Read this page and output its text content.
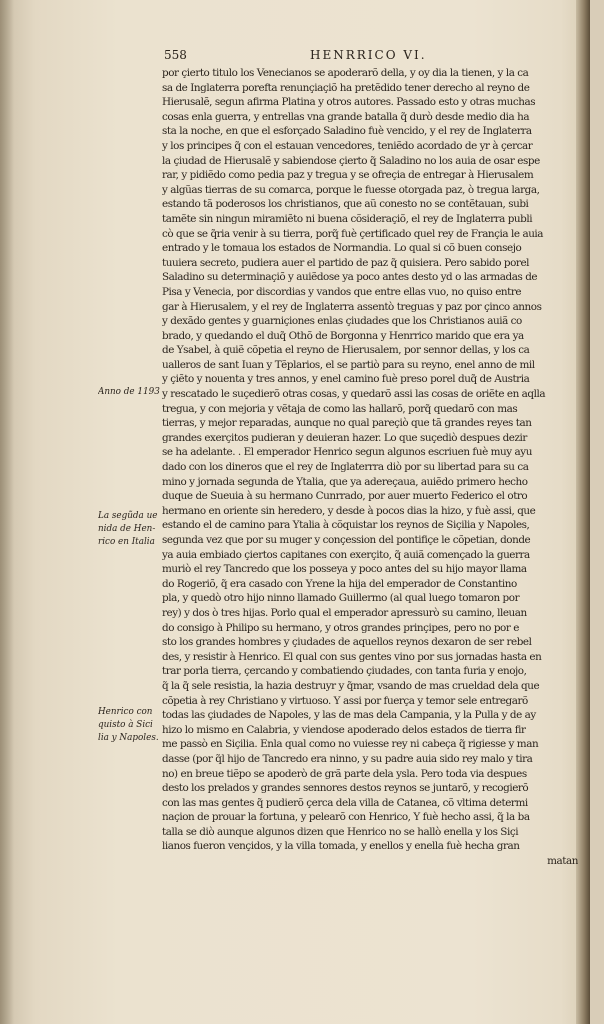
558	HENRRICO VI.
Anno de 1193
La segũda ue
nida de Hen-
rico en Italia
Henrico con
quisto à Sici
lia y Napoles.
por çierto titulo los Venecianos se apoderarõ della, y oy dia la tienen, y la ca
sa de Inglaterra porefta renunçiaçiõ ha pretẽdido tener derecho al reyno de
Hierusalẽ, segun afirma Platina y otros autores. Passado esto y otras muchas
cosas enla guerra, y entrellas vna grande batalla q̃ durò desde medio dia ha
sta la noche, en que el esforçado Saladino fuè vencido, y el rey de Inglaterra
y los principes q̃ con el estauan vencedores, teniẽdo acordado de yr à çercar
la çiudad de Hierusalẽ y sabiendose çierto q̃ Saladino no los auia de osar espe
rar, y pidiẽdo como pedia paz y tregua y se ofreçia de entregar à Hierusalem
y algũas tierras de su comarca, porque le fuesse otorgada paz, ò tregua larga,
estando tã poderosos los christianos, que aũ conesto no se contẽtauan, subi
tamẽte sin ningun miramiẽto ni buena cõsideraçiõ, el rey de Inglaterra publi
cò que se q̃ria venir à su tierra, porq̃ fuè çertificado quel rey de Françia le auia
entrado y le tomaua los estados de Normandia. Lo qual si cõ buen consejo
tuuiera secreto, pudiera auer el partido de paz q̃ quisiera. Pero sabido porel
Saladino su determinaçiõ y auiẽdose ya poco antes desto yd o las armadas de
Pisa y Venecia, por discordias y vandos que entre ellas vuo, no quiso entre
gar à Hierusalem, y el rey de Inglaterra assentò treguas y paz por çinco annos
y dexãdo gentes y guarniçiones enlas çiudades que los Christianos auiã co
brado, y quedando el duq̃ Othõ de Borgonna y Henrrico marido que era ya
de Ysabel, à quiẽ cõpetia el reyno de Hierusalem, por sennor dellas, y los ca
ualleros de sant Iuan y Tẽplarios, el se partiò para su reyno, enel anno de mil
y çiẽto y nouenta y tres annos, y enel camino fuè preso porel duq̃ de Austria
y rescatado le suçedierõ otras cosas, y quedarõ assi las cosas de oriẽte en aqlla
tregua, y con mejoria y vẽtaja de como las hallarõ, porq̃ quedarõ con mas
tierras, y mejor reparadas, aunque no qual pareçiò que tã grandes reyes tan
grandes exerçitos pudieran y deuieran hazer. Lo que suçediò despues dezir
se ha adelante. . El emperador Henrico segun algunos escriuen fuè muy ayu
dado con los dineros que el rey de Inglaterrra diò por su libertad para su ca
mino y jornada segunda de Ytalia, que ya adereçaua, auiẽdo primero hecho
duque de Sueuia à su hermano Cunrrado, por auer muerto Federico el otro
hermano en oriente sin heredero, y desde à pocos dias la hizo, y fuè assi, que
estando el de camino para Ytalia à cõquistar los reynos de Siçilia y Napoles,
segunda vez que por su muger y conçession del pontifiçe le cõpetian, donde
ya auia embiado çiertos capitanes con exerçito, q̃ auiã començado la guerra
muriò el rey Tancredo que los posseya y poco antes del su hijo mayor llama
do Rogeriõ, q̃ era casado con Yrene la hija del emperador de Constantino
pla, y quedò otro hijo ninno llamado Guillermo (al qual luego tomaron por
rey) y dos ò tres hijas. Porlo qual el emperador apressurò su camino, lleuan
do consigo à Philipo su hermano, y otros grandes prinçipes, pero no por e
sto los grandes hombres y çiudades de aquellos reynos dexaron de ser rebel
des, y resistir à Henrico. El qual con sus gentes vino por sus jornadas hasta en
trar porla tierra, çercando y combatiendo çiudades, con tanta furia y enojo,
q̃ la q̃ sele resistia, la hazia destruyr y q̃mar, vsando de mas crueldad dela que
cõpetia à rey Christiano y virtuoso. Y assi por fuerça y temor sele entregarõ
todas las çiudades de Napoles, y las de mas dela Campania, y la Pulla y de ay
hizo lo mismo en Calabria, y viendose apoderado delos estados de tierra fir
me passò en Siçilia. Enla qual como no vuiesse rey ni cabeça q̃ rigiesse y man
dasse (por q̃l hijo de Tancredo era ninno, y su padre auia sido rey malo y tira
no) en breue tiẽpo se apoderò de grã parte dela ysla. Pero toda via despues
desto los prelados y grandes sennores destos reynos se juntarõ, y recogierõ
con las mas gentes q̃ pudierõ çerca dela villa de Catanea, cõ vltima determi
naçion de prouar la fortuna, y pelearõ con Henrico, Y fuè hecho assi, q̃ la ba
talla se diò aunque algunos dizen que Henrico no se hallò enella y los Siçi
lianos fueron vençidos, y la villa tomada, y enellos y enella fuè hecha gran
matan
